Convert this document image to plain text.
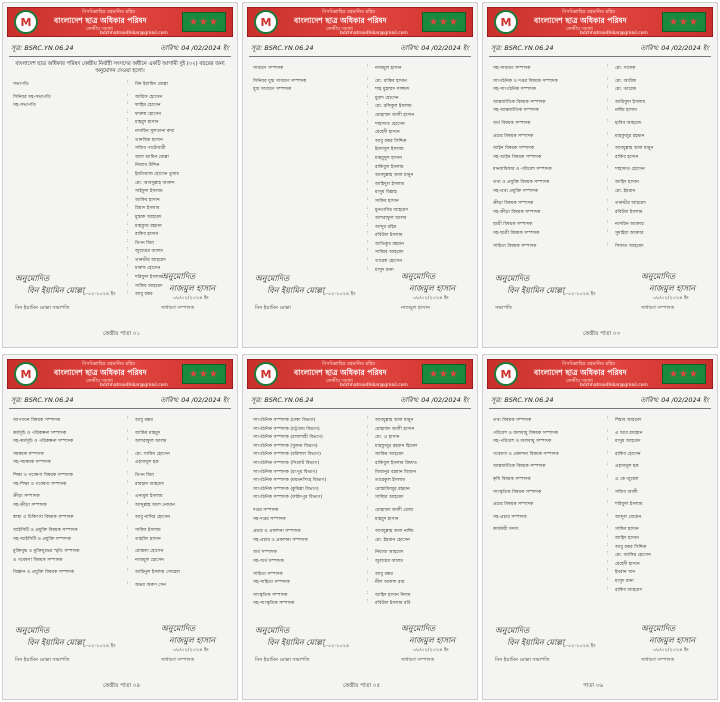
M
বিসমিল্লাহির রহমানির রহিম
বাংলাদেশ ছাত্র অধিকার পরিষদ
কেন্দ্রীয় সংসদ
bdchhatroodhikar@gmail.com
★★★
সূত্র: BSRC.YN.06.24	তারিখ: 04 /02/2024 ইং
বাংলাদেশ ছাত্র অধিকার পরিষদ কেন্দ্রীয় নির্বাহী সংসদের অধীনে একটি আগামী দুই (০২) বছরের জন্য অনুমোদন দেওয়া হলো।
সভাপতি	: বিন ইয়ামিন মোল্লা
সিনিয়র সহ-সভাপতি	: আরিফ হোসেন
সহ-সভাপতি	: ফাহিম হোসেন
: ফারুক হোসেন
: মাহমুদ হাসান
: নাসরিন সুলতানা রুমা
: তানজিম হাসান
: সজিব পাটোয়ারী
: আল আমিন মোল্লা
: নিজাম উদ্দিন
: ইমতিয়াজ হোসেন তুষার
: মো. আবদুল্লাহ আকন্দ
: সাইফুল ইসলাম
: আকিব হাসান
: রিয়াদ ইসলাম
: মুস্তাক আহমেদ
: মাহফুজ রহমান
: রাকিব হাসান
: রিপন মিয়া
: জুবায়ের আলম
: তানভীর আহমেদ
: মারুফ হোসেন
: শরিফুল ইসলাম
: সাকিব আহমেদ
: আবু বকর
অনুমোদিত
বিন ইয়ামিন মোল্লা
৮-০২-২০২৪ ইং
বিন ইয়ামিন মোল্লা সভাপতি
অনুমোদিত
নাজমুল হাসান
০৮/০২/২০২৪ ইং
সাধারণ সম্পাদক
কেন্দ্রীয় পাতা ০১
M
বিসমিল্লাহির রহমানির রহিম
বাংলাদেশ ছাত্র অধিকার পরিষদ
কেন্দ্রীয় সংসদ
bdchhatroodhikar@gmail.com
★★★
সূত্র: BSRC.YN.06.24	তারিখ: 04 /02/2024 ইং
সাধারণ সম্পাদক	: নাজমুল হাসান
সিনিয়র যুগ্ম সাধারণ সম্পাদক	: মো. রাকিব হাসান
যুগ্ম সাধারণ সম্পাদক	: শাহ মুহাম্মদ সাজ্জাদ
: মুরাদ হোসেন
: মো. রফিকুল ইসলাম
: মোহাম্মদ আলী হাসান
: শাহাদাত হোসেন
: মেহেদী হাসান
: আবু বকর সিদ্দিক
: ইমদাদুল ইসলাম
: মাহমুদুল হাসান
: রাকিবুল ইসলাম
: আবদুল্লাহ আল মামুন
: জাহিদুল ইসলাম
: মাসুম বিল্লাহ
: সাকিব হাসান
: মুনতাসির আহমেদ
: আশরাফুল আলম
: আব্দুর রহিম
: রবিউল ইসলাম
: আতিকুর রহমান
: সাব্বির আহমেদ
: তারেক হোসেন
: মাসুদ রানা
অনুমোদিত
বিন ইয়ামিন মোল্লা
৮-০২-২০২৪ ইং
বিন ইয়ামিন মোল্লা
অনুমোদিত
নাজমুল হাসান
০৮/০২/২০২৪ ইং
নাজমুল হাসান
M
বিসমিল্লাহির রহমানির রহিম
বাংলাদেশ ছাত্র অধিকার পরিষদ
কেন্দ্রীয় সংসদ
bdchhatroodhikar@gmail.com
★★★
সূত্র: BSRC.YN.06.24	তারিখ: 04 /02/2024 ইং
সহ-সাধারণ সম্পাদক	: মো. সাদেক
সাংগঠনিক ও দপ্তর বিষয়ক সম্পাদক	: মো. আরিফ
সহ-সাংগঠনিক সম্পাদক	: মো. তারেক
আন্তর্জাতিক বিষয়ক সম্পাদক	: আরিফুল ইসলাম
সহ-আন্তর্জাতিক সম্পাদক	: নাঈম হাসান
অর্থ বিষয়ক সম্পাদক	: হাবিব আহমেদ
প্রচার বিষয়ক সম্পাদক	: মাহফুজুর রহমান
আইন বিষয়ক সম্পাদক	: আবদুল্লাহ আল মামুন
সহ-আইন বিষয়ক সম্পাদক	: রাকিব হাসান
মানবাধিকার ও পরিবেশ সম্পাদক	: শাহাদাত হোসেন
তথ্য ও প্রযুক্তি বিষয়ক সম্পাদক	: জাহিদ হাসান
সহ-তথ্য প্রযুক্তি সম্পাদক	: মো. ইমরান
ক্রীড়া বিষয়ক সম্পাদক	: তানভীর আহমেদ
সহ-ক্রীড়া বিষয়ক সম্পাদক	: রবিউল ইসলাম
ছাত্রী বিষয়ক সম্পাদক	: নাসরিন আক্তার
সহ-ছাত্রী বিষয়ক সম্পাদক	: সুমাইয়া আক্তার
সাহিত্য বিষয়ক সম্পাদক	: সিফাত আহমেদ
অনুমোদিত
বিন ইয়ামিন মোল্লা
৮-০২-২০২৪ ইং
সভাপতি
অনুমোদিত
নাজমুল হাসান
০৮/০২/২০২৪ ইং
সাধারণ সম্পাদক
কেন্দ্রীয় পাতা ০৩
M
বিসমিল্লাহির রহমানির রহিম
বাংলাদেশ ছাত্র অধিকার পরিষদ
কেন্দ্রীয় সংসদ
bdchhatroodhikar@gmail.com
★★★
সূত্র: BSRC.YN.06.24	তারিখ: 04 /02/2024 ইং
আপ্যায়ন বিষয়ক সম্পাদক	: আবু বক্কর
কর্মসূচি ও পরিকল্পনা সম্পাদক	: জাকির মাহমুদ
সহ-কর্মসূচি ও পরিকল্পনা সম্পাদক	: আশরাফুল আলম
সমন্বয়ক সম্পাদক	: মো. সাকিব হোসেন
সহ-সমন্বয়ক সম্পাদক	: এহসানুল হক
শিক্ষা ও গবেষণা বিষয়ক সম্পাদক	: রিপন মিয়া
সহ-শিক্ষা ও গবেষণা সম্পাদক	: রায়হান আহমেদ
ক্রীড়া সম্পাদক	: এনামুল ইসলাম
সহ-ক্রীড়া সম্পাদক	: আব্দুল্লাহ আল নোমান
স্বাস্থ্য ও চিকিৎসা বিষয়ক সম্পাদক	: আবু নাসির হোসেন
আইসিটি ও প্রযুক্তি বিষয়ক সম্পাদক	: সাকিব ইসলাম
সহ-আইসিটি ও প্রযুক্তি সম্পাদক	: তাহমিদ হাসান
মুক্তিযুদ্ধ ও মুক্তিযুদ্ধের স্মৃতি সম্পাদক	: মোস্তফা হোসেন
ও গবেষণা বিষয়ক সম্পাদক	: নাজমুল হোসেন
বিজ্ঞান ও প্রযুক্তি বিষয়ক সম্পাদক	: আমিনুল ইসলাম সোহেল
: অভয় অরুণ সেন
অনুমোদিত
বিন ইয়ামিন মোল্লা
৮-০২-২০২৪ ইং
বিন ইয়ামিন মোল্লা সভাপতি
অনুমোদিত
নাজমুল হাসান
০৮/০২/২০২৪ ইং
সাধারণ সম্পাদক
কেন্দ্রীয় পাতা ০৪
M
বিসমিল্লাহির রহমানির রহিম
বাংলাদেশ ছাত্র অধিকার পরিষদ
কেন্দ্রীয় সংসদ
bdchhatroodhikar@gmail.com
★★★
সূত্র: BSRC.YN.06.24	তারিখ: 04 /02/2024 ইং
সাংগঠনিক সম্পাদক (ঢাকা বিভাগ)	: আবদুল্লাহ আল মামুন
সাংগঠনিক সম্পাদক (চট্টগ্রাম বিভাগ)	: মোহাম্মদ আলী হাসান
সাংগঠনিক সম্পাদক (রাজশাহী বিভাগ)	: মো. এ হাসান
সাংগঠনিক সম্পাদক (খুলনা বিভাগ)	: মাহফুজুর রহমান হিমেল
সাংগঠনিক সম্পাদক (বরিশাল বিভাগ)	: জাকির আহমেদ
সাংগঠনিক সম্পাদক (সিলেট বিভাগ)	: রাকিবুল ইসলাম রিফাত
সাংগঠনিক সম্পাদক (রংপুর বিভাগ)	: মিজানুর রহমান মিজান
সাংগঠনিক সম্পাদক (ময়মনসিংহ বিভাগ)	: তারেকুল ইসলাম
সাংগঠনিক সম্পাদক (কুমিল্লা বিভাগ)	: মোস্তাফিজুর রহমান
সাংগঠনিক সম্পাদক (ফরিদপুর বিভাগ)	: সাব্বির আহমেদ
দপ্তর সম্পাদক	: মোহাম্মদ আলী রেজা
সহ-দপ্তর সম্পাদক	: মাহমুদ হাসান
প্রচার ও প্রকাশনা সম্পাদক	: আবদুল্লাহ আল নাঈম
সহ-প্রচার ও প্রকাশনা সম্পাদক	: মো. ইমরান হোসেন
অর্থ সম্পাদক	: নিয়াজ আহমেদ
সহ-অর্থ সম্পাদক	: জুবায়ের আলম
সাহিত্য সম্পাদক	: আবু বক্কর
সহ-সাহিত্য সম্পাদক	: নীল আকাশ রায়
সাংস্কৃতিক সম্পাদক	: জাহিদ হাসান নিলয়
সহ-সাংস্কৃতিক সম্পাদক	: রবিউল ইসলাম রবি
অনুমোদিত
বিন ইয়ামিন মোল্লা
৮-০২-২০২৪
বিন ইয়ামিন মোল্লা সভাপতি
অনুমোদিত
নাজমুল হাসান
০৮/০২/২০২৪ ইং
সাধারণ সম্পাদক
কেন্দ্রীয় পাতা ০৫
M
বিসমিল্লাহির রহমানির রহিম
বাংলাদেশ ছাত্র অধিকার পরিষদ
কেন্দ্রীয় সংসদ
bdchhatroodhikar@gmail.com
★★★
সূত্র: BSRC.YN.06.24	তারিখ: 04 /02/2024 ইং
তথ্য বিষয়ক সম্পাদক	: শিহাব আহমেদ
পরিবেশ ও জলবায়ু বিষয়ক সম্পাদক	: এ আর রায়হান
সহ-পরিবেশ ও জলবায়ু সম্পাদক	: মাসুম আহমেদ
গবেষণা ও প্রকাশনা বিষয়ক সম্পাদক	: রাকিব হোসেন
আন্তর্জাতিক বিষয়ক সম্পাদক	: এহসানুল হক
কৃষি বিষয়ক সম্পাদক	: এ কে জুয়েল
সাংস্কৃতিক বিষয়ক সম্পাদক	: সজিব আলী
প্রচার বিষয়ক সম্পাদক	: শরিফুল ইসলাম
সহ-প্রচার সম্পাদক	: আব্দুল মোমেন
কার্যকরী সদস্য	: সাকিব হাসান
: জাহিদ হাসান
: আবু বকর সিদ্দিক
: মো. জাকির হোসেন
: মেহেদী হাসান
: ইমরান খান
: মাসুদ রানা
: রাকিব আহমেদ
অনুমোদিত
বিন ইয়ামিন মোল্লা
৮-০২-২০২৪ ইং
বিন ইয়ামিন মোল্লা সভাপতি
অনুমোদিত
নাজমুল হাসান
০৮/০২/২০২৪ ইং
সাধারণ সম্পাদক
পাতা ০৬
